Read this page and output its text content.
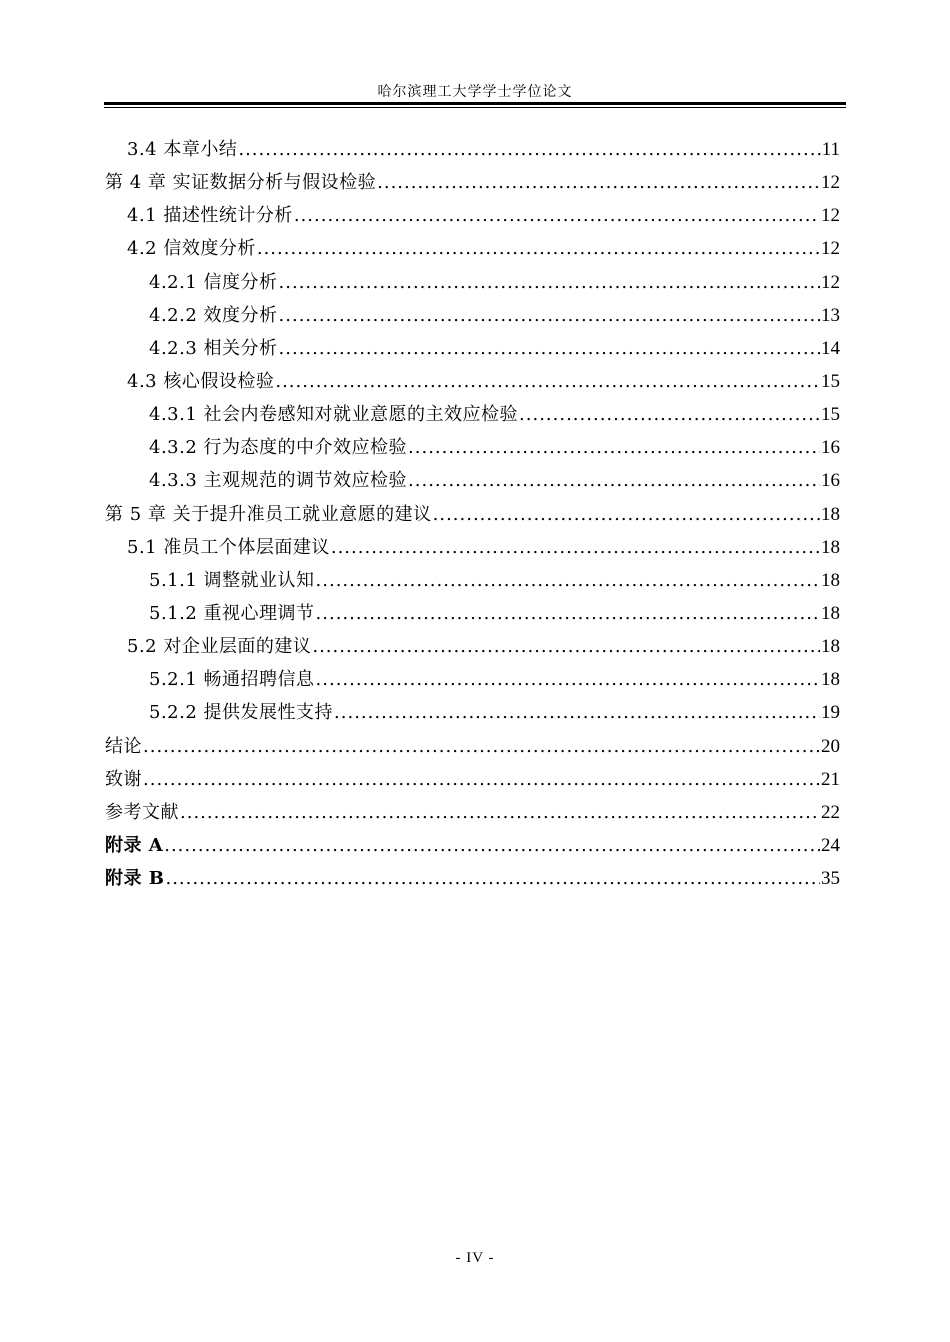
哈尔滨理工大学学士学位论文
3.4 本章小结 .....	11
第 4 章 实证数据分析与假设检验 .....	12
4.1 描述性统计分析 .....	12
4.2 信效度分析 .....	12
4.2.1 信度分析 .....	12
4.2.2 效度分析 .....	13
4.2.3 相关分析 .....	14
4.3 核心假设检验 .....	15
4.3.1 社会内卷感知对就业意愿的主效应检验 .....	15
4.3.2 行为态度的中介效应检验 .....	16
4.3.3 主观规范的调节效应检验 .....	16
第 5 章 关于提升准员工就业意愿的建议 .....	18
5.1 准员工个体层面建议 .....	18
5.1.1 调整就业认知 .....	18
5.1.2 重视心理调节 .....	18
5.2 对企业层面的建议 .....	18
5.2.1 畅通招聘信息 .....	18
5.2.2 提供发展性支持 .....	19
结论 .....	20
致谢 .....	21
参考文献 .....	22
附录 A .....	24
附录 B .....	35
- IV -
